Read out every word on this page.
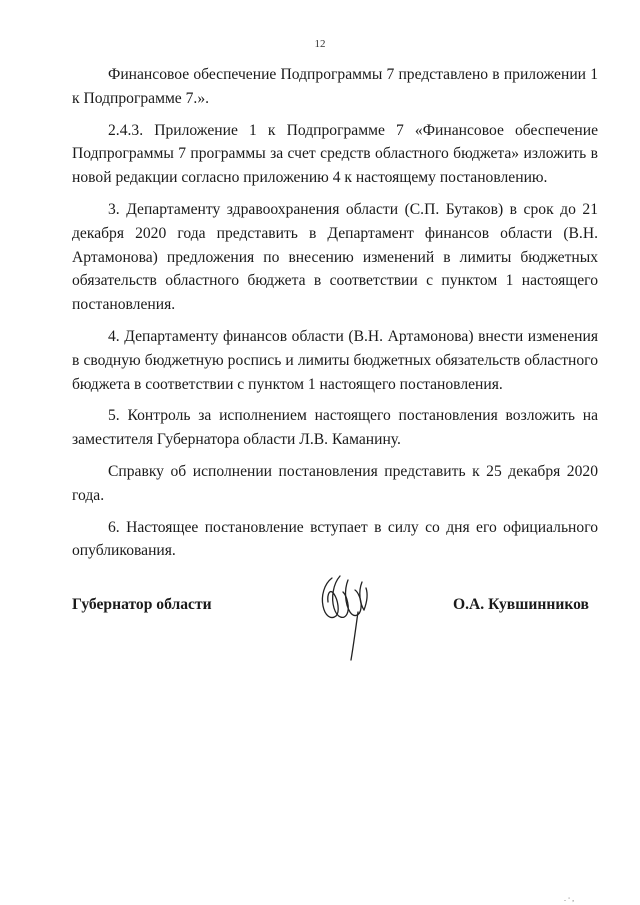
12

Финансовое обеспечение Подпрограммы 7 представлено в приложении 1 к Подпрограмме 7.».

2.4.3. Приложение 1 к Подпрограмме 7 «Финансовое обеспечение Подпрограммы 7 программы за счет средств областного бюджета» изложить в новой редакции согласно приложению 4 к настоящему постановлению.

3. Департаменту здравоохранения области (С.П. Бутаков) в срок до 21 декабря 2020 года представить в Департамент финансов области (В.Н. Артамонова) предложения по внесению изменений в лимиты бюджетных обязательств областного бюджета в соответствии с пунктом 1 настоящего постановления.

4. Департаменту финансов области (В.Н. Артамонова) внести изменения в сводную бюджетную роспись и лимиты бюджетных обязательств областного бюджета в соответствии с пунктом 1 настоящего постановления.

5. Контроль за исполнением настоящего постановления возложить на заместителя Губернатора области Л.В. Каманину.

Справку об исполнении постановления представить к 25 декабря 2020 года.

6. Настоящее постановление вступает в силу со дня его официального опубликования.

Губернатор области	О.А. Кувшинников
. ⸱ ,
